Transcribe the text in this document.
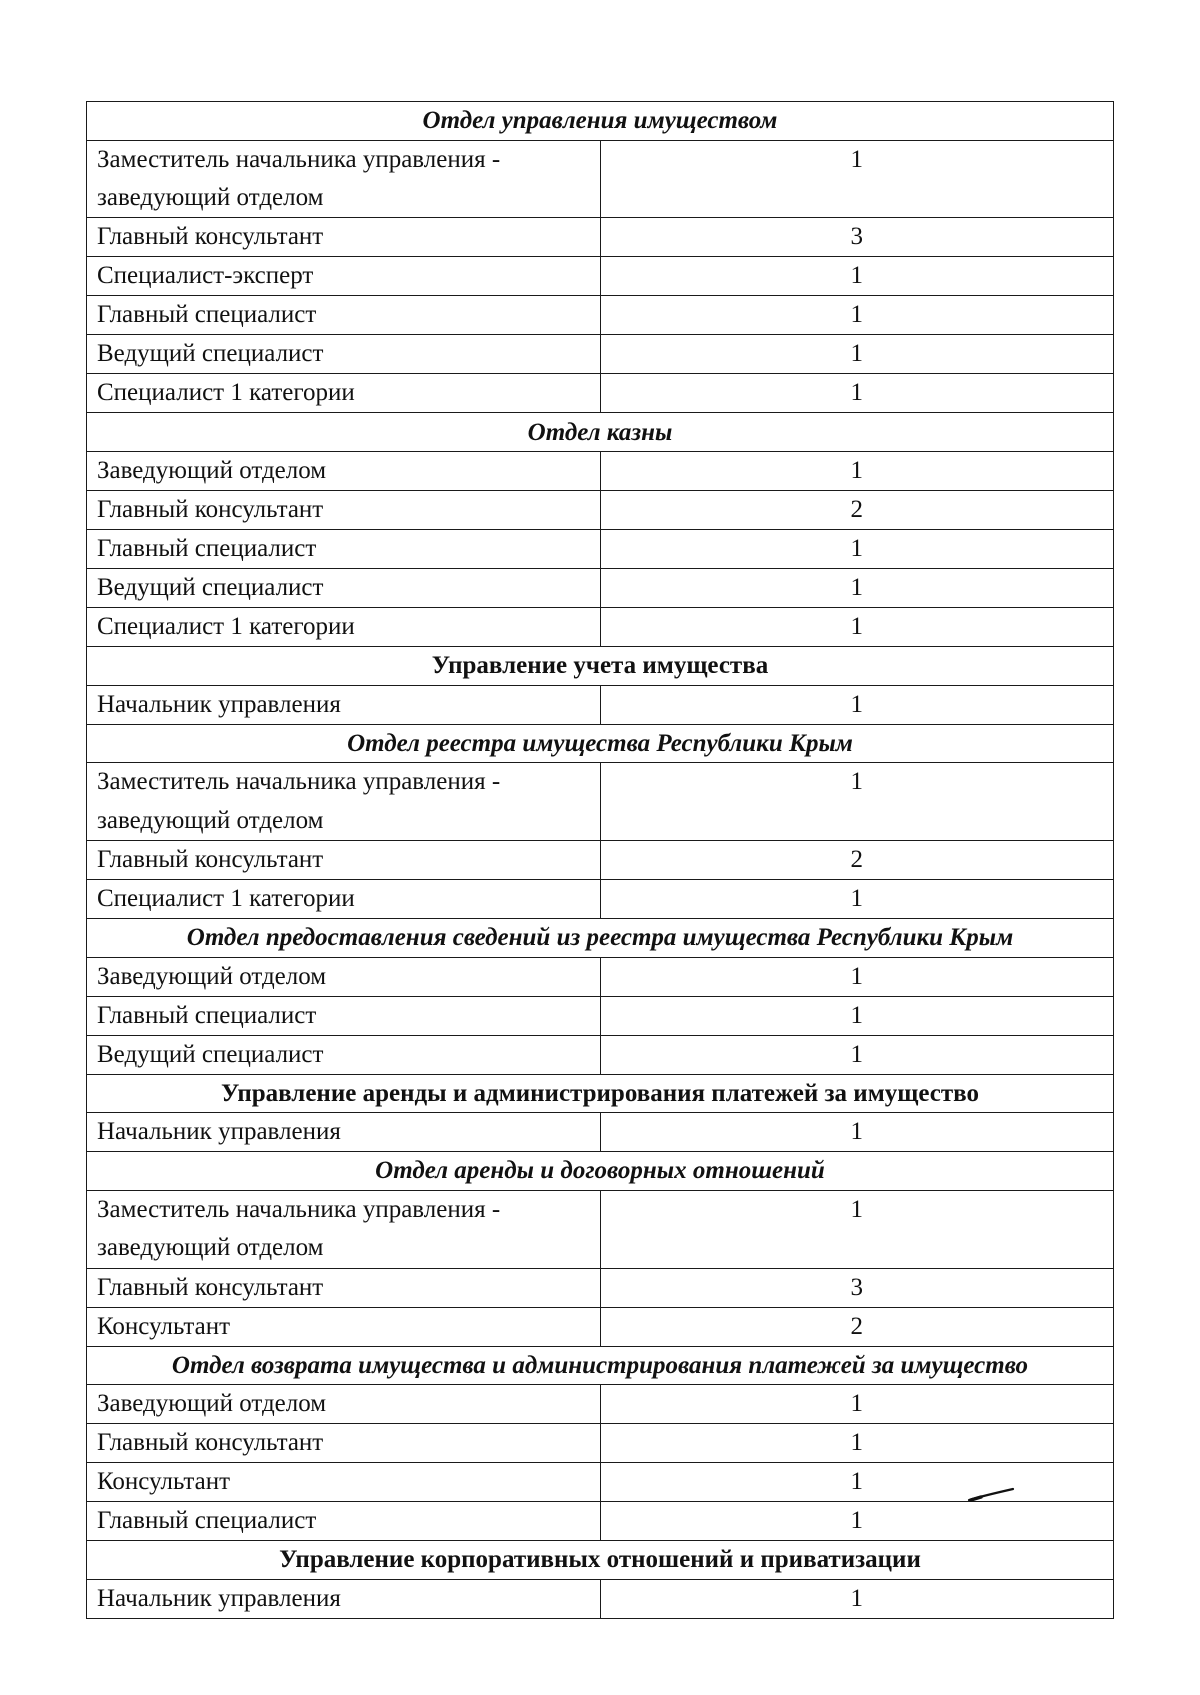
Отдел управления имуществом	
Заместитель начальника управления - заведующий отделом	1
Главный консультант	3
Специалист-эксперт	1
Главный специалист	1
Ведущий специалист	1
Специалист 1 категории	1
Отдел казны	
Заведующий отделом	1
Главный консультант	2
Главный специалист	1
Ведущий специалист	1
Специалист 1 категории	1
Управление учета имущества	
Начальник управления	1
Отдел реестра имущества Республики Крым	
Заместитель начальника управления - заведующий отделом	1
Главный консультант	2
Специалист 1 категории	1
Отдел предоставления сведений из реестра имущества Республики Крым	
Заведующий отделом	1
Главный специалист	1
Ведущий специалист	1
Управление аренды и администрирования платежей за имущество	
Начальник управления	1
Отдел аренды и договорных отношений	
Заместитель начальника управления - заведующий отделом	1
Главный консультант	3
Консультант	2
Отдел возврата имущества и администрирования платежей за имущество	
Заведующий отделом	1
Главный консультант	1
Консультант	1
Главный специалист	1
Управление корпоративных отношений и приватизации	
Начальник управления	1
